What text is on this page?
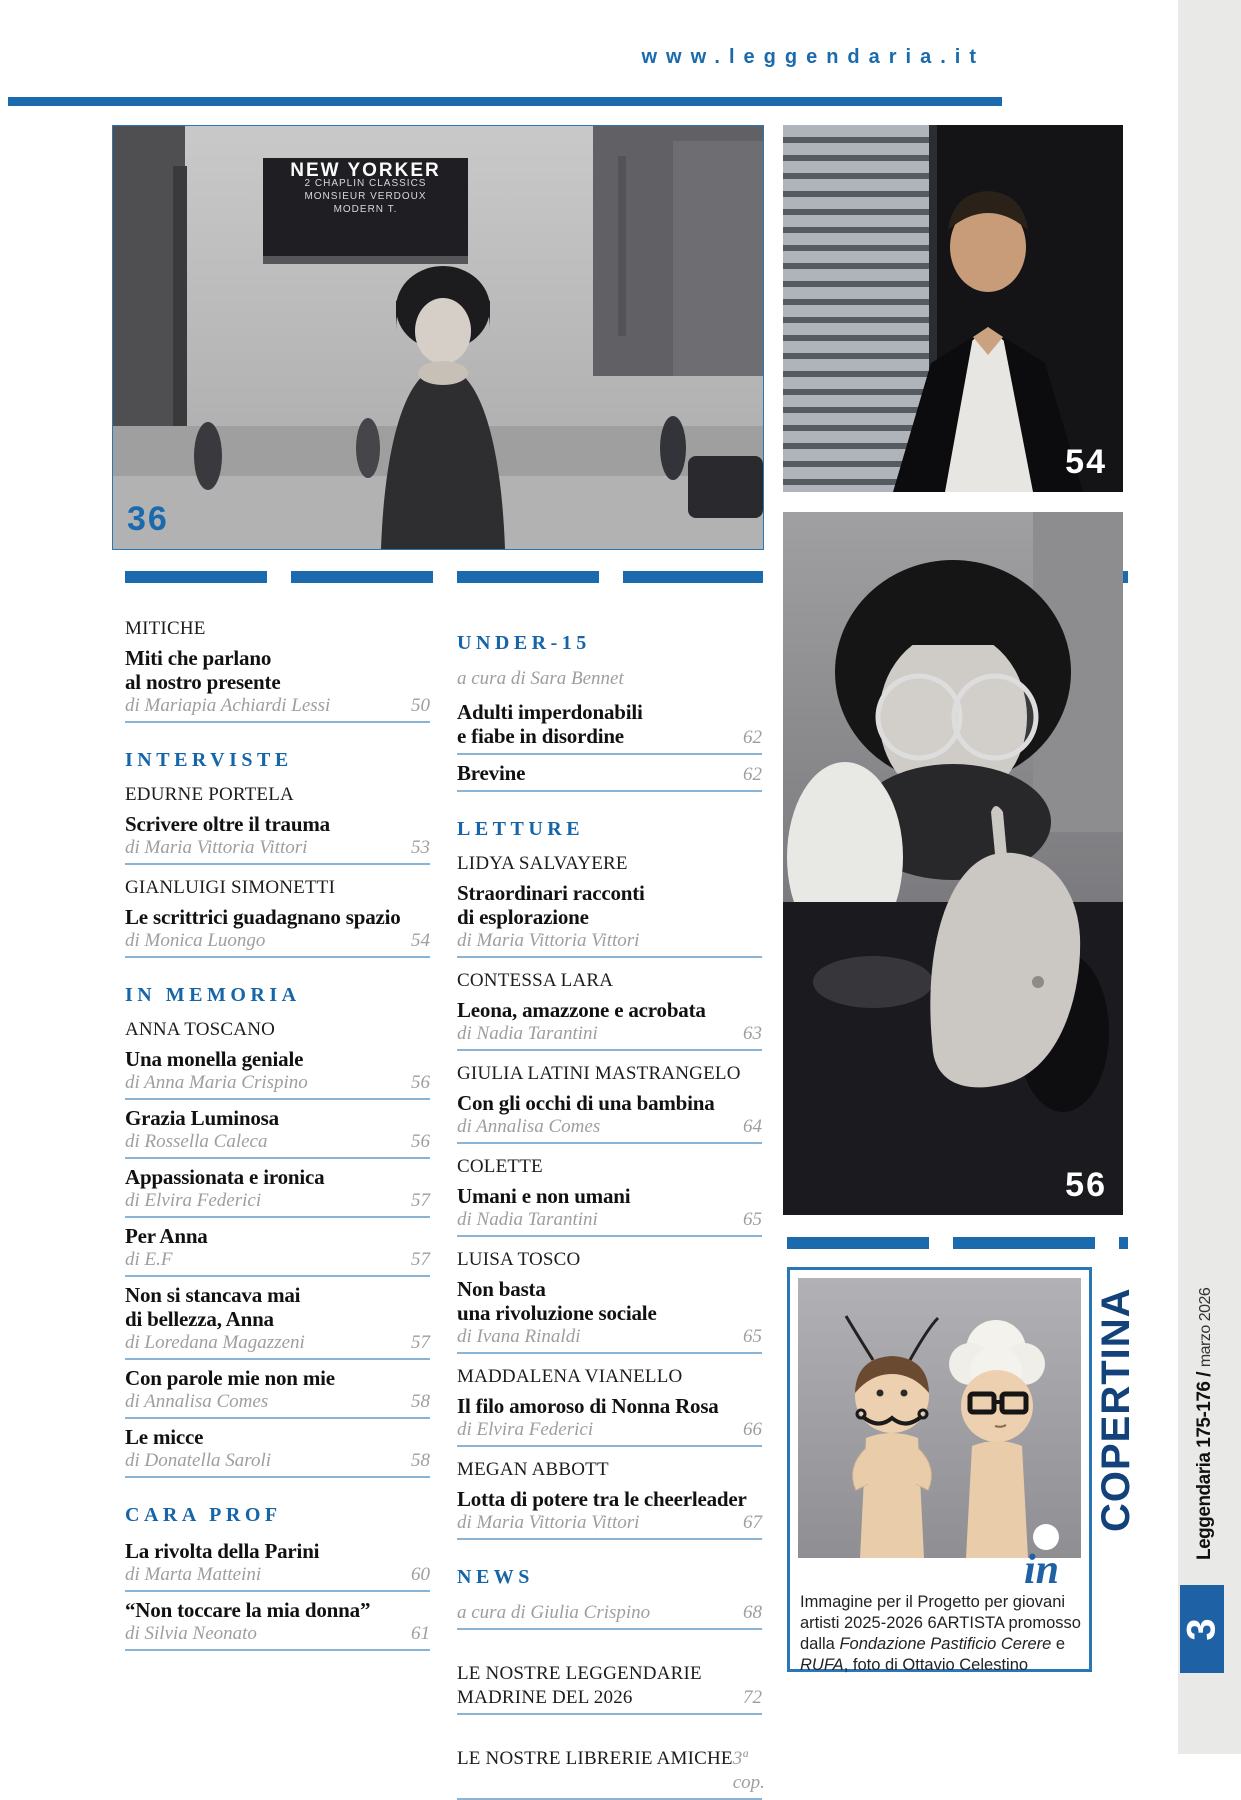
www.leggendaria.it
NEW YORKER
2 CHAPLIN CLASSICS
MONSIEUR VERDOUX
MODERN T.
36
54
56
in
Immagine per il Progetto per giovani artisti 2025-2026 6ARTISTA promosso dalla Fondazione Pastificio Cerere e RUFA, foto di Ottavio Celestino
MITICHE
Miti che parlano
al nostro presente
di Mariapia Achiardi Lessi	50
INTERVISTE
EDURNE PORTELA
Scrivere oltre il trauma
di Maria Vittoria Vittori	53
GIANLUIGI SIMONETTI
Le scrittrici guadagnano spazio
di Monica Luongo	54
IN MEMORIA
ANNA TOSCANO
Una monella geniale
di Anna Maria Crispino	56
Grazia Luminosa
di Rossella Caleca	56
Appassionata e ironica
di Elvira Federici	57
Per Anna
di E.F	57
Non si stancava mai
di bellezza, Anna
di Loredana Magazzeni	57
Con parole mie non mie
di Annalisa Comes	58
Le micce
di Donatella Saroli	58
CARA PROF
La rivolta della Parini
di Marta Matteini	60
“Non toccare la mia donna”
di Silvia Neonato	61
UNDER-15
a cura di Sara Bennet
Adulti imperdonabili
e fiabe in disordine	62
Brevine	62
LETTURE
LIDYA SALVAYERE
Straordinari racconti
di esplorazione
di Maria Vittoria Vittori
CONTESSA LARA
Leona, amazzone e acrobata
di Nadia Tarantini	63
GIULIA LATINI MASTRANGELO
Con gli occhi di una bambina
di Annalisa Comes	64
COLETTE
Umani e non umani
di Nadia Tarantini	65
LUISA TOSCO
Non basta
una rivoluzione sociale
di Ivana Rinaldi	65
MADDALENA VIANELLO
Il filo amoroso di Nonna Rosa
di Elvira Federici	66
MEGAN ABBOTT
Lotta di potere tra le cheerleader
di Maria Vittoria Vittori	67
NEWS
a cura di Giulia Crispino	68
LE NOSTRE LEGGENDARIE
MADRINE DEL 2026	72
LE NOSTRE LIBRERIE AMICHE 3ª cop.
COPERTINA	Leggendaria 175-176 / marzo 2026
3
